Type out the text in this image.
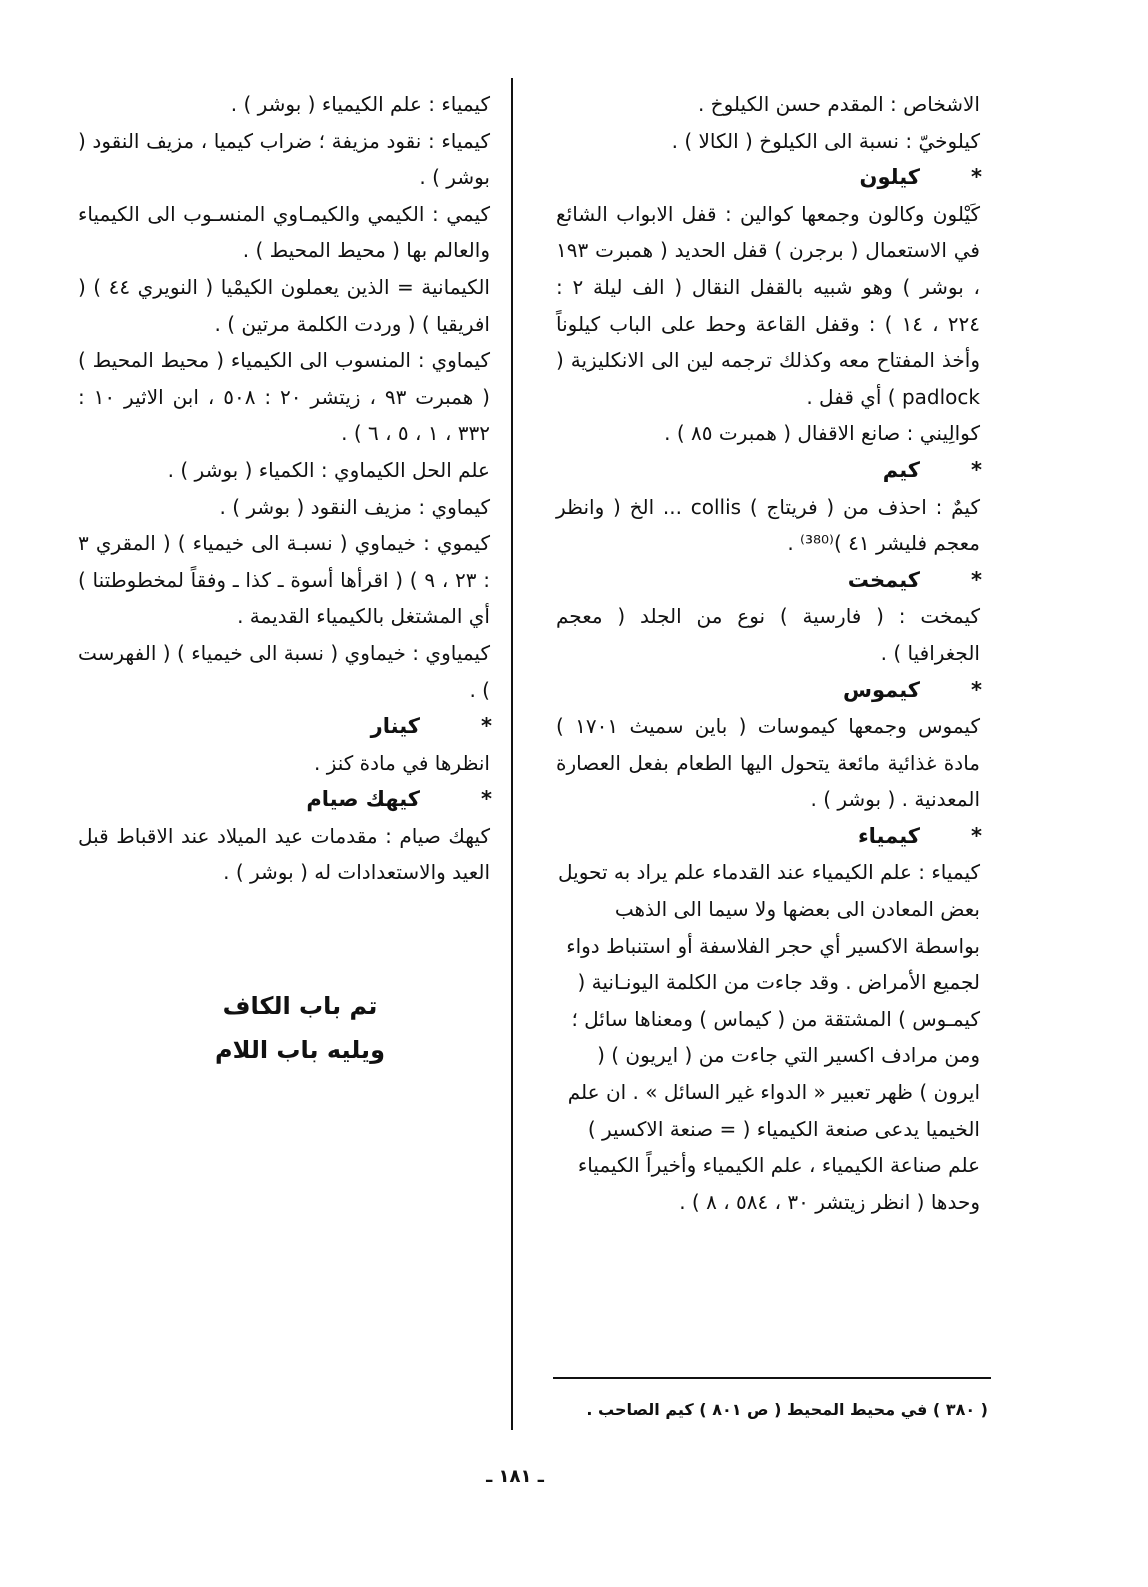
الاشخاص : المقدم حسن الكيلوخ .

كيلوخيّ : نسبة الى الكيلوخ ( الكالا ) .

*
كيلون

كَيْلون وكالون وجمعها كوالين : قفل الابواب الشائع في الاستعمال ( برجرن ) قفل الحديد ( همبرت ١٩٣ ، بوشر ) وهو شبيه بالقفل النقال ( الف ليلة ٢ : ٢٢٤ ، ١٤ ) : وقفل القاعة وحط على الباب كيلوناً وأخذ المفتاح معه وكذلك ترجمه لين الى الانكليزية ( padlock ) أي قفل .

كوالِيني : صانع الاقفال ( همبرت ٨٥ ) .

*
كيم

كيمٌ : احذف من ( فريتاج ) collis ... الخ ( وانظر معجم فليشر ٤١ )⁽³⁸⁰⁾ .

*
كيمخت

كيمخت : ( فارسية ) نوع من الجلد ( معجم الجغرافيا ) .

*
كيموس

كيموس وجمعها كيموسات ( باين سميث ١٧٠١ ) مادة غذائية مائعة يتحول اليها الطعام بفعل العصارة المعدنية . ( بوشر ) .

*
كيمياء

كيمياء : علم الكيمياء عند القدماء علم يراد به تحويل بعض المعادن الى بعضها ولا سيما الى الذهب بواسطة الاكسير أي حجر الفلاسفة أو استنباط دواء لجميع الأمراض . وقد جاءت من الكلمة اليونـانية ( كيمـوس ) المشتقة من ( كيماس ) ومعناها سائل ؛ ومن مرادف اكسير التي جاءت من ( ايريون ) ( ايرون ) ظهر تعبير « الدواء غير السائل » . ان علم الخيميا يدعى صنعة الكيمياء ( = صنعة الاكسير ) علم صناعة الكيمياء ، علم الكيمياء وأخيراً الكيمياء وحدها ( انظر زيتشر ٣٠ ، ٥٨٤ ، ٨ ) .

كيمياء : علم الكيمياء ( بوشر ) .

كيمياء : نقود مزيفة ؛ ضراب كيميا ، مزيف النقود ( بوشر ) .

كيمي : الكيمي والكيمـاوي المنسـوب الى الكيمياء والعالم بها ( محيط المحيط ) .

الكيمانية = الذين يعملون الكيمْيا ( النويري ٤٤ ) ( افريقيا ) ( وردت الكلمة مرتين ) .

كيماوي : المنسوب الى الكيمياء ( محيط المحيط ) ( همبرت ٩٣ ، زيتشر ٢٠ : ٥٠٨ ، ابن الاثير ١٠ : ٣٣٢ ، ١ ، ٥ ، ٦ ) .

علم الحل الكيماوي : الكمياء ( بوشر ) .

كيماوي : مزيف النقود ( بوشر ) .

كيموي : خيماوي ( نسبـة الى خيمياء ) ( المقري ٣ : ٢٣ ، ٩ ) ( اقرأها أسوة ـ كذا ـ وفقاً لمخطوطتنا ) أي المشتغل بالكيمياء القديمة .

كيمياوي : خيماوي ( نسبة الى خيمياء ) ( الفهرست ) .

*
كينار

انظرها في مادة كنز .

*
كيهك صيام

كيهك صيام : مقدمات عيد الميلاد عند الاقباط قبل العيد والاستعدادات له ( بوشر ) .

تم باب الكاف
ويليه باب اللام
( ٣٨٠ ) في محيط المحيط ( ص ٨٠١ ) كيم الصاحب .
ـ ١٨١ ـ
